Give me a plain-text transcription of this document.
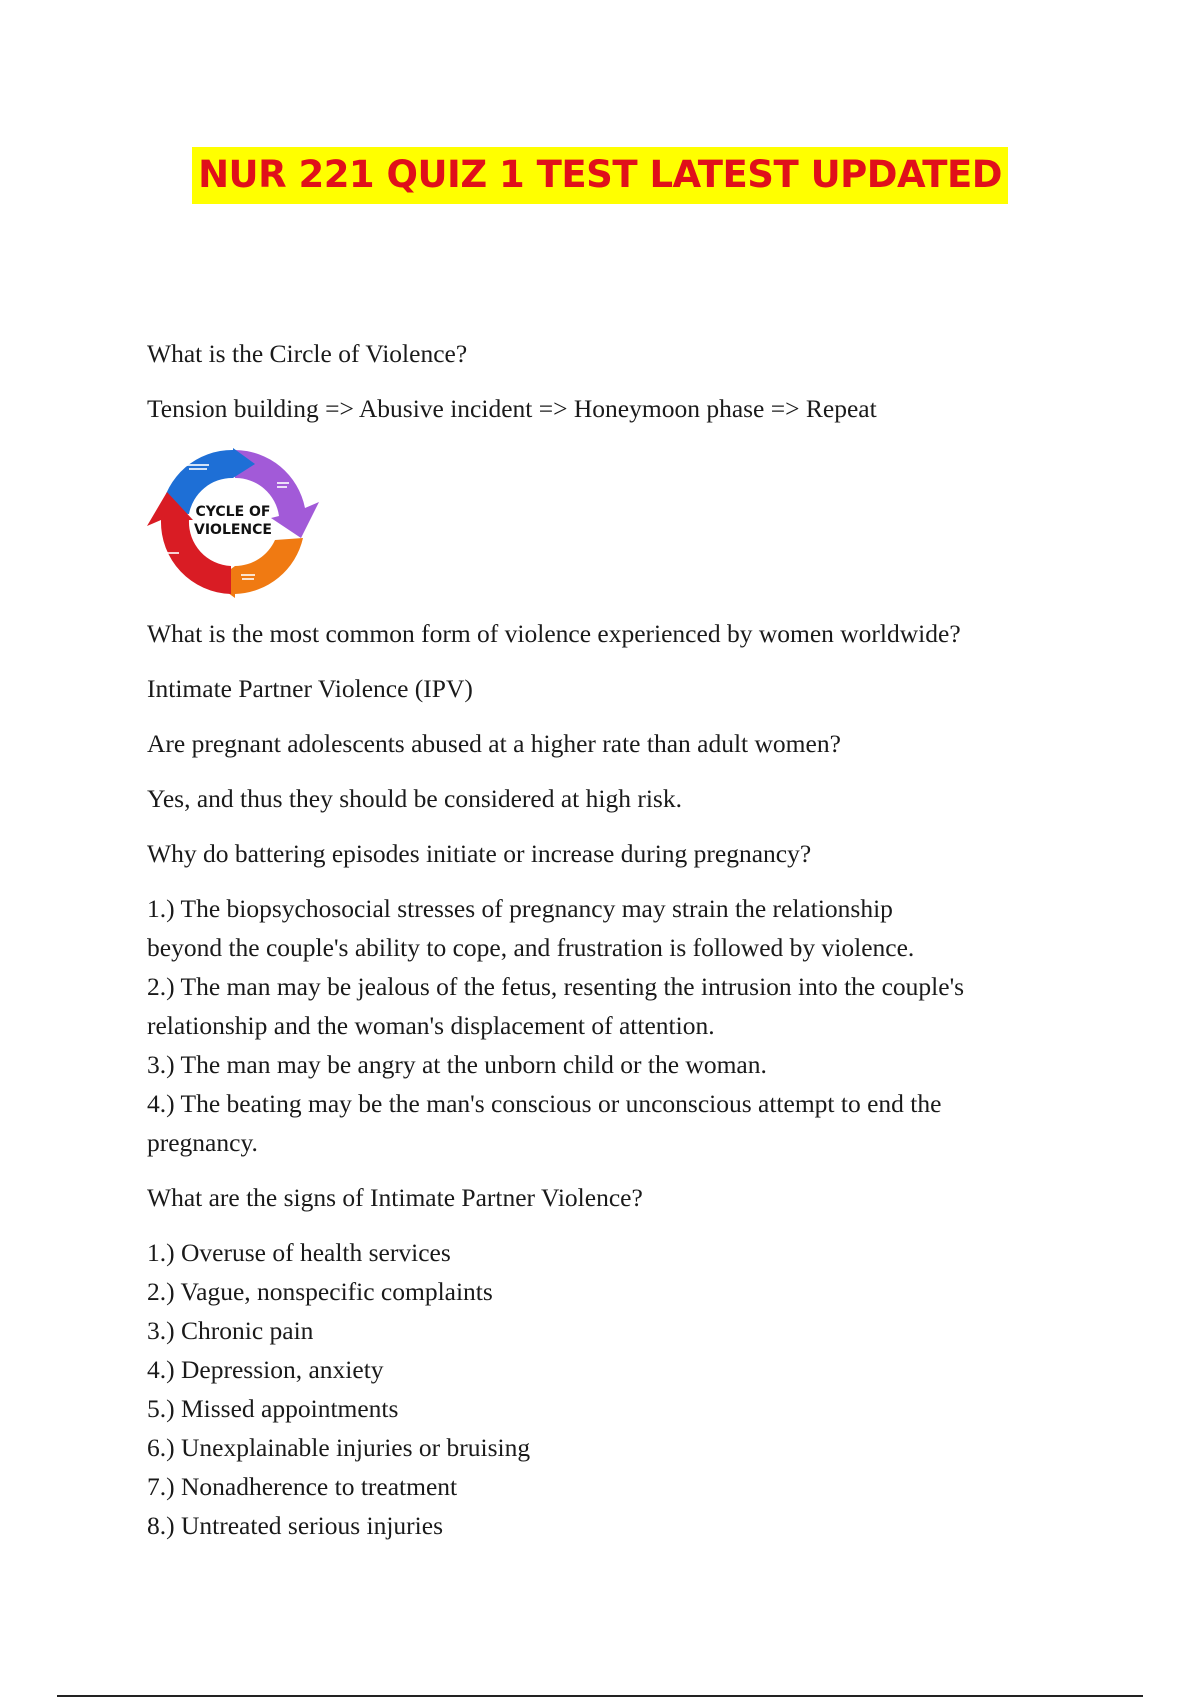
NUR 221 QUIZ 1 TEST LATEST UPDATED

What is the Circle of Violence?

Tension building => Abusive incident => Honeymoon phase => Repeat

CYCLE OF
VIOLENCE

What is the most common form of violence experienced by women worldwide?

Intimate Partner Violence (IPV)

Are pregnant adolescents abused at a higher rate than adult women?

Yes, and thus they should be considered at high risk.

Why do battering episodes initiate or increase during pregnancy?

1.) The biopsychosocial stresses of pregnancy may strain the relationship
beyond the couple's ability to cope, and frustration is followed by violence.
2.) The man may be jealous of the fetus, resenting the intrusion into the couple's
relationship and the woman's displacement of attention.
3.) The man may be angry at the unborn child or the woman.
4.) The beating may be the man's conscious or unconscious attempt to end the
pregnancy.

What are the signs of Intimate Partner Violence?

1.) Overuse of health services
2.) Vague, nonspecific complaints
3.) Chronic pain
4.) Depression, anxiety
5.) Missed appointments
6.) Unexplainable injuries or bruising
7.) Nonadherence to treatment
8.) Untreated serious injuries
